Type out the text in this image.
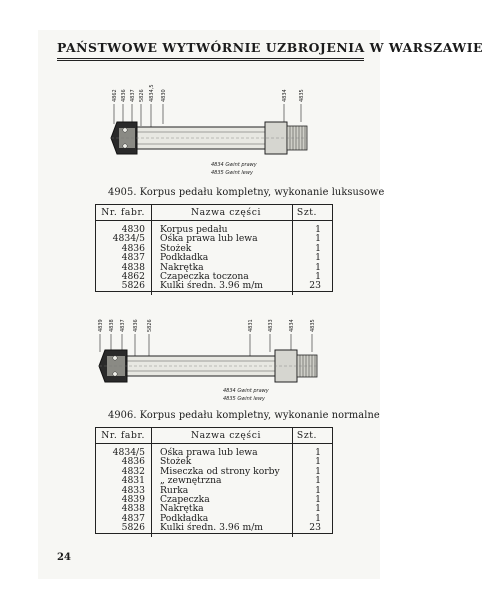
PAŃSTWOWE WYTWÓRNIE UZBROJENIA W WARSZAWIE
4862 4836 4837 5826 4834,5 4830	4834 4835
4834 Gwint prawy
4835 Gwint lewy
4905. Korpus pedału kompletny, wykonanie luksusowe
Nr. fabr.	Nazwa części	Szt.
4830	Korpus pedału	1
4834/5	Ośka prawa lub lewa	1
4836	Stożek	1
4837	Podkładka	1
4838	Nakrętka	1
4862	Czapeczka toczona	1
5826	Kulki średn. 3.96 m/m	23
4839 4838 4837 4836 5826	4831	4833	4834	4835
4834 Gwint prawy
4835 Gwint lewy
4906. Korpus pedału kompletny, wykonanie normalne
Nr. fabr.	Nazwa części	Szt.
4834/5	Ośka prawa lub lewa	1
4836	Stożek	1
4832	Miseczka od strony korby	1
4831	„ zewnętrzna	1
4833	Rurka	1
4839	Czapeczka	1
4838	Nakrętka	1
4837	Podkładka	1
5826	Kulki średn. 3.96 m/m	23
24
